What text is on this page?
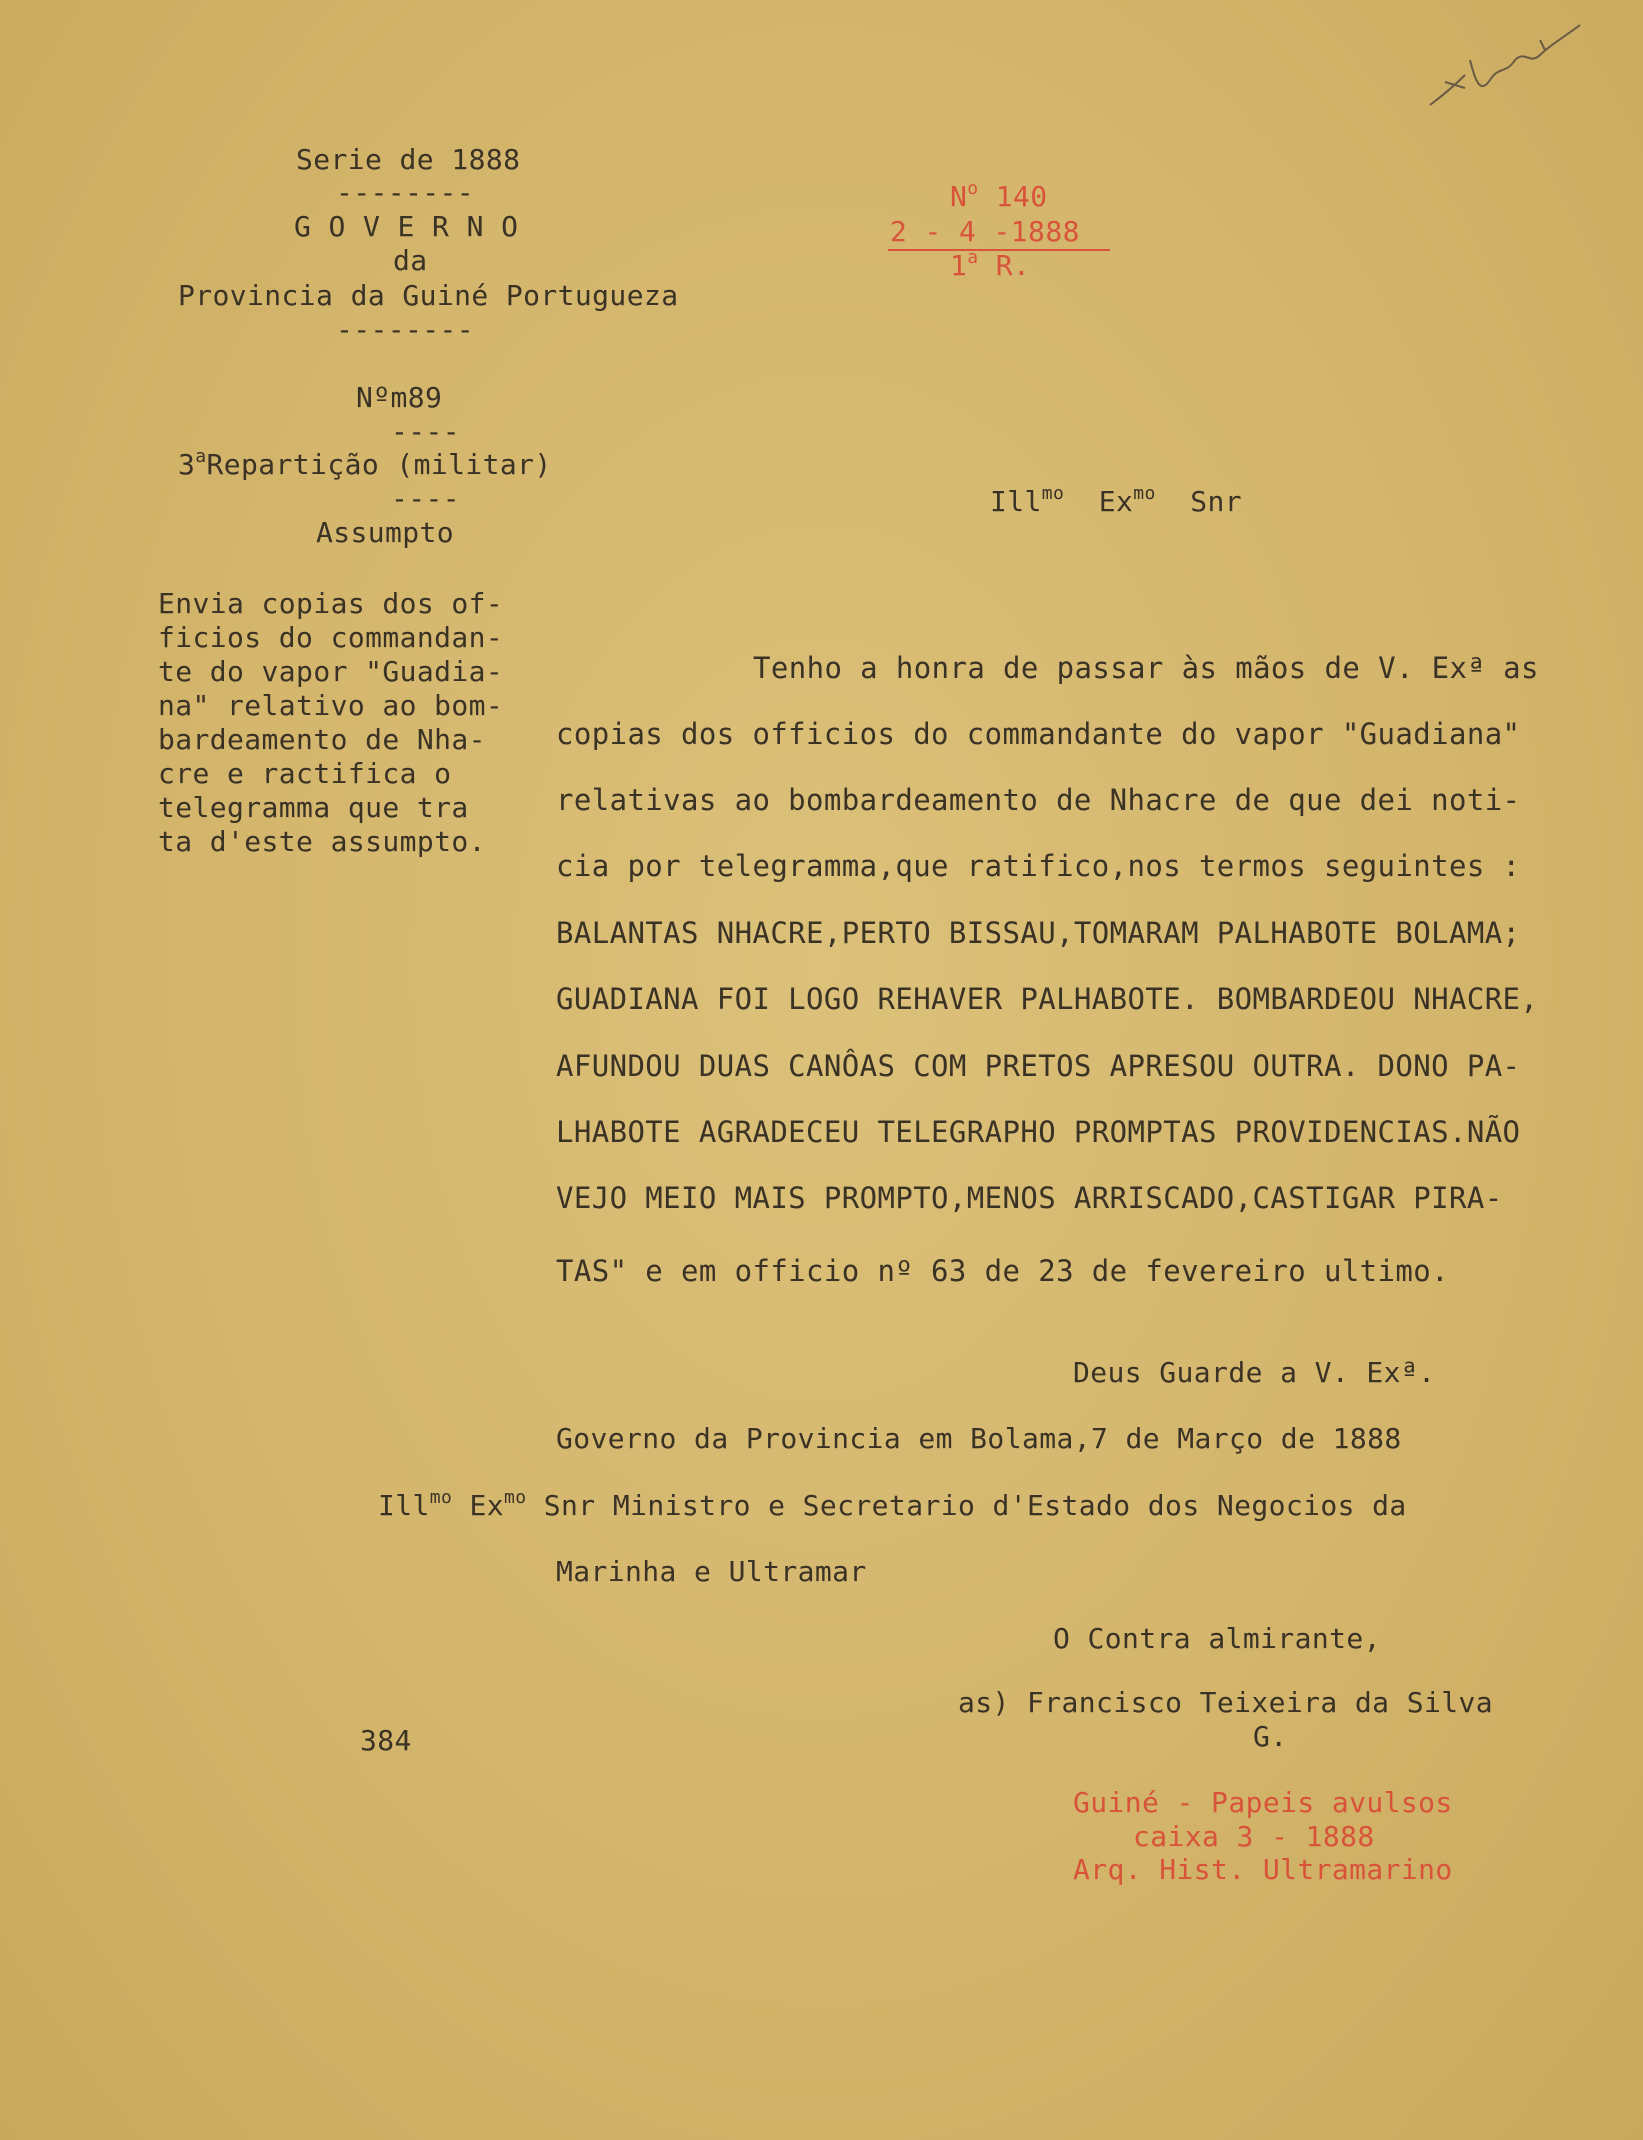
Serie de 1888
--------
G O V E R N O
da
Provincia da Guiné Portugueza
--------
Nºm89
----
3$^a$Repartição (militar)
----
Assumpto
$N^o$ 140
2 - 4 -1888
1$^a$ R.
Ill$^{mo}$ $Ex^{mo}$ Snr
Envia copias dos of-
ficios do commandan-
te do vapor "Guadia-
na" relativo ao bom-
bardeamento de Nha-
cre e ractifica o
telegramma que tra
ta d'este assumpto.
Tenho a honra de passar às mãos de V. Exª as
copias dos officios do commandante do vapor "Guadiana"
relativas ao bombardeamento de Nhacre de que dei noti-
cia por telegramma,que ratifico,nos termos seguintes :
BALANTAS NHACRE,PERTO BISSAU,TOMARAM PALHABOTE BOLAMA;
GUADIANA FOI LOGO REHAVER PALHABOTE. BOMBARDEOU NHACRE,
AFUNDOU DUAS CANÔAS COM PRETOS APRESOU OUTRA. DONO PA-
LHABOTE AGRADECEU TELEGRAPHO PROMPTAS PROVIDENCIAS.NÃO
VEJO MEIO MAIS PROMPTO,MENOS ARRISCADO,CASTIGAR PIRA-
TAS" e em officio nº 63 de 23 de fevereiro ultimo.
Deus Guarde a V. Exª.
Governo da Provincia em Bolama,7 de Março de 1888
Ill$^{mo}$ $Ex^{mo}$ Snr Ministro e Secretario d'Estado dos Negocios da
Marinha e Ultramar
O Contra almirante,
as) Francisco Teixeira da Silva
G.
384
Guiné - Papeis avulsos
caixa 3 - 1888
Arq. Hist. Ultramarino
